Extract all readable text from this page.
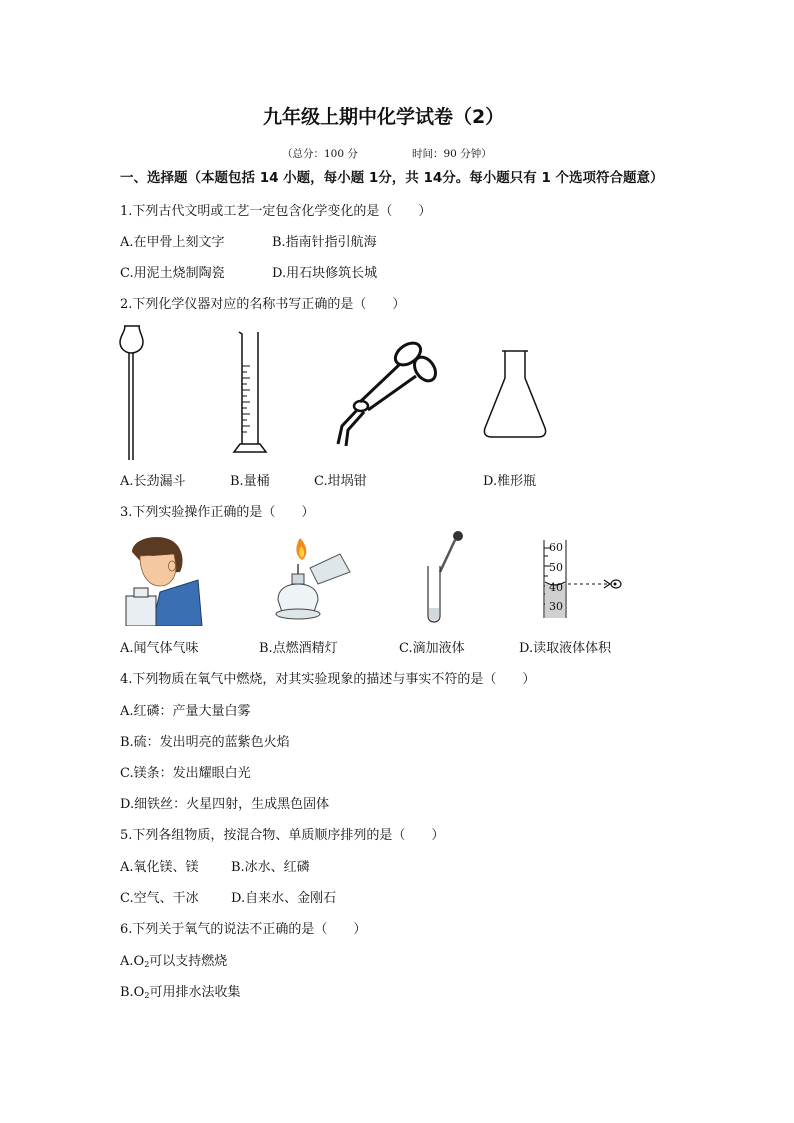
九年级上期中化学试卷（2）
（总分：100 分	时间：90 分钟）
一、选择题（本题包括 14 小题，每小题 1分，共 14分。每小题只有 1 个选项符合题意）
1.下列古代文明或工艺一定包含化学变化的是（　　）
A.在甲骨上刻文字	B.指南针指引航海
C.用泥土烧制陶瓷	D.用石块修筑长城
2.下列化学仪器对应的名称书写正确的是（　　）
A.长劲漏斗	B.量桶	C.坩埚钳	D.椎形瓶
3.下列实验操作正确的是（　　）
60
50
40
30
A.闻气体气味	B.点燃酒精灯	C.滴加液体	D.读取液体体积
4.下列物质在氧气中燃烧，对其实验现象的描述与事实不符的是（　　）
A.红磷：产量大量白雾
B.硫：发出明亮的蓝紫色火焰
C.镁条：发出耀眼白光
D.细铁丝：火星四射，生成黑色固体
5.下列各组物质，按混合物、单质顺序排列的是（　　）
A.氧化镁、镁 B.冰水、红磷
C.空气、干冰 D.自来水、金刚石
6.下列关于氧气的说法不正确的是（　　）
$A.O_2$可以支持燃烧
$B.O_2$可用排水法收集
